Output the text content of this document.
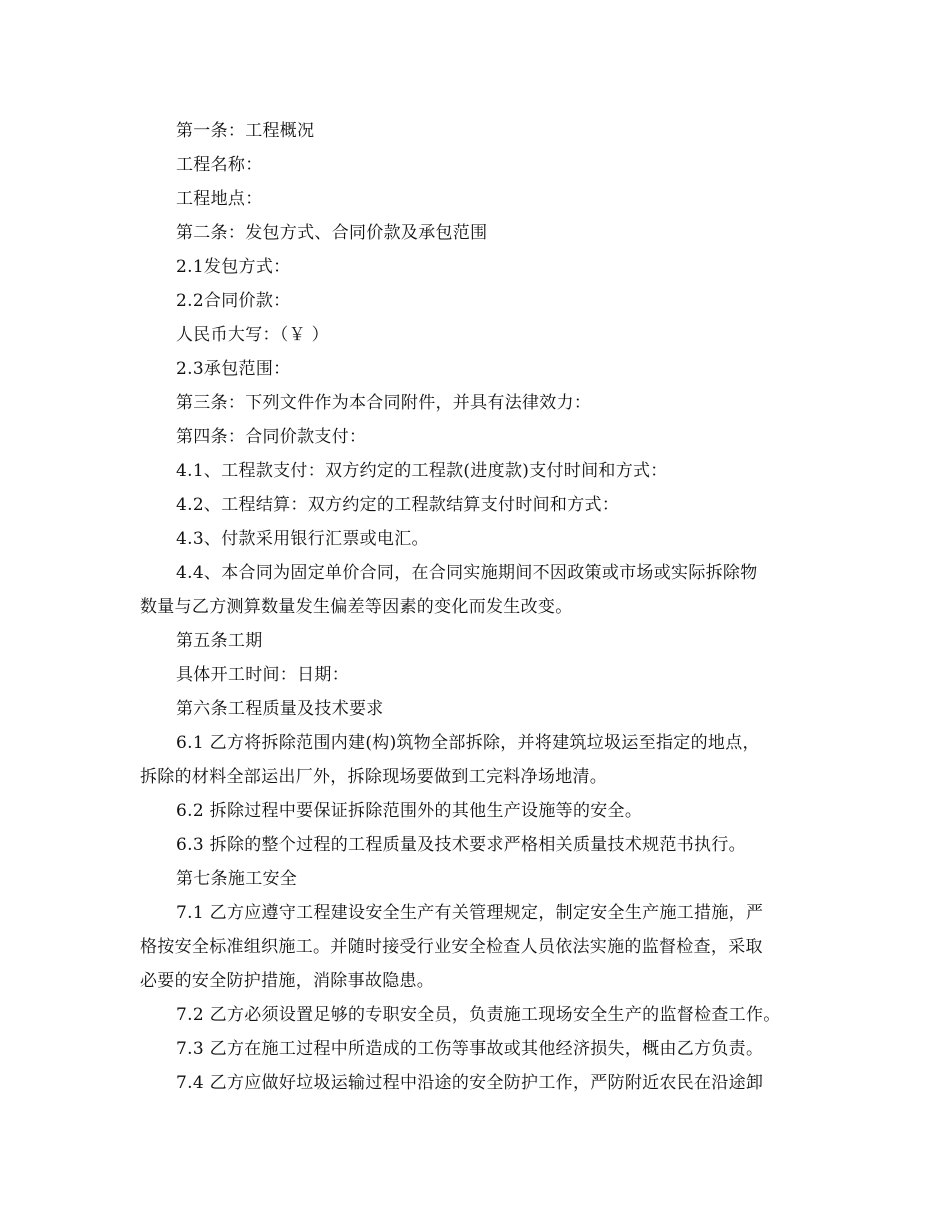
第一条：工程概况
工程名称：
工程地点：
第二条：发包方式、合同价款及承包范围
2.1发包方式：
2.2合同价款：
人民币大写：（￥ ）
2.3承包范围：
第三条：下列文件作为本合同附件，并具有法律效力：
第四条：合同价款支付：
4.1、工程款支付：双方约定的工程款(进度款)支付时间和方式：
4.2、工程结算：双方约定的工程款结算支付时间和方式：
4.3、付款采用银行汇票或电汇。
4.4、本合同为固定单价合同，在合同实施期间不因政策或市场或实际拆除物
数量与乙方测算数量发生偏差等因素的变化而发生改变。
第五条工期
具体开工时间：日期：
第六条工程质量及技术要求
6.1 乙方将拆除范围内建(构)筑物全部拆除，并将建筑垃圾运至指定的地点，
拆除的材料全部运出厂外，拆除现场要做到工完料净场地清。
6.2 拆除过程中要保证拆除范围外的其他生产设施等的安全。
6.3 拆除的整个过程的工程质量及技术要求严格相关质量技术规范书执行。
第七条施工安全
7.1 乙方应遵守工程建设安全生产有关管理规定，制定安全生产施工措施，严
格按安全标准组织施工。并随时接受行业安全检查人员依法实施的监督检查，采取
必要的安全防护措施，消除事故隐患。
7.2 乙方必须设置足够的专职安全员，负责施工现场安全生产的监督检查工作。
7.3 乙方在施工过程中所造成的工伤等事故或其他经济损失，概由乙方负责。
7.4 乙方应做好垃圾运输过程中沿途的安全防护工作，严防附近农民在沿途卸
